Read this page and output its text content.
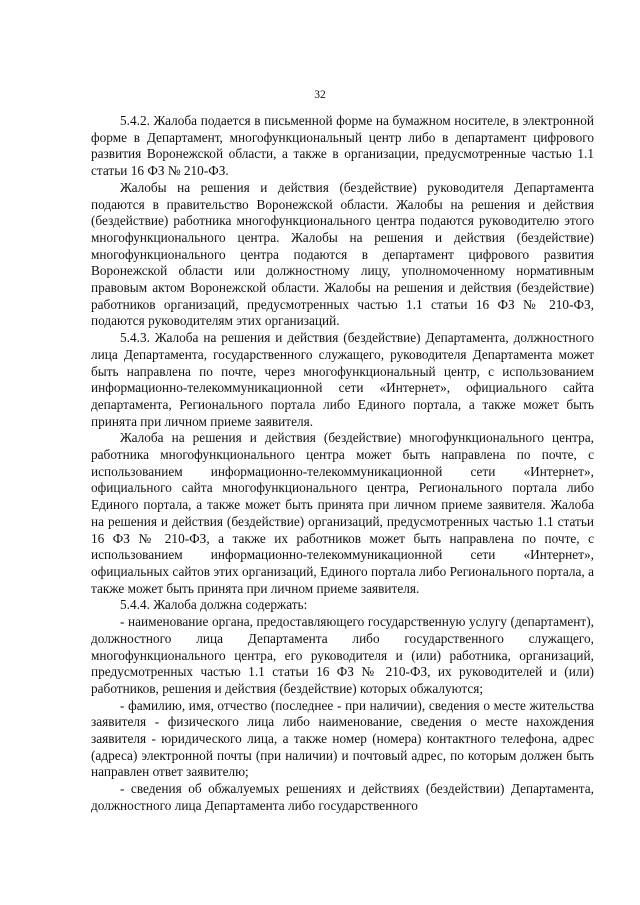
32

5.4.2. Жалоба подается в письменной форме на бумажном носителе, в электронной форме в Департамент, многофункциональный центр либо в департамент цифрового развития Воронежской области, а также в организации, предусмотренные частью 1.1 статьи 16 ФЗ № 210-ФЗ.

Жалобы на решения и действия (бездействие) руководителя Департамента подаются в правительство Воронежской области. Жалобы на решения и действия (бездействие) работника многофункционального центра подаются руководителю этого многофункционального центра. Жалобы на решения и действия (бездействие) многофункционального центра подаются в департамент цифрового развития Воронежской области или должностному лицу, уполномоченному нормативным правовым актом Воронежской области. Жалобы на решения и действия (бездействие) работников организаций, предусмотренных частью 1.1 статьи 16 ФЗ № 210-ФЗ, подаются руководителям этих организаций.

5.4.3. Жалоба на решения и действия (бездействие) Департамента, должностного лица Департамента, государственного служащего, руководителя Департамента может быть направлена по почте, через многофункциональный центр, с использованием информационно-телекоммуникационной сети «Интернет», официального сайта департамента, Регионального портала либо Единого портала, а также может быть принята при личном приеме заявителя.

Жалоба на решения и действия (бездействие) многофункционального центра, работника многофункционального центра может быть направлена по почте, с использованием информационно-телекоммуникационной сети «Интернет», официального сайта многофункционального центра, Регионального портала либо Единого портала, а также может быть принята при личном приеме заявителя. Жалоба на решения и действия (бездействие) организаций, предусмотренных частью 1.1 статьи 16 ФЗ № 210-ФЗ, а также их работников может быть направлена по почте, с использованием информационно-телекоммуникационной сети «Интернет», официальных сайтов этих организаций, Единого портала либо Регионального портала, а также может быть принята при личном приеме заявителя.

5.4.4. Жалоба должна содержать:

- наименование органа, предоставляющего государственную услугу (департамент), должностного лица Департамента либо государственного служащего, многофункционального центра, его руководителя и (или) работника, организаций, предусмотренных частью 1.1 статьи 16 ФЗ № 210-ФЗ, их руководителей и (или) работников, решения и действия (бездействие) которых обжалуются;

- фамилию, имя, отчество (последнее - при наличии), сведения о месте жительства заявителя - физического лица либо наименование, сведения о месте нахождения заявителя - юридического лица, а также номер (номера) контактного телефона, адрес (адреса) электронной почты (при наличии) и почтовый адрес, по которым должен быть направлен ответ заявителю;

- сведения об обжалуемых решениях и действиях (бездействии) Департамента, должностного лица Департамента либо государственного
